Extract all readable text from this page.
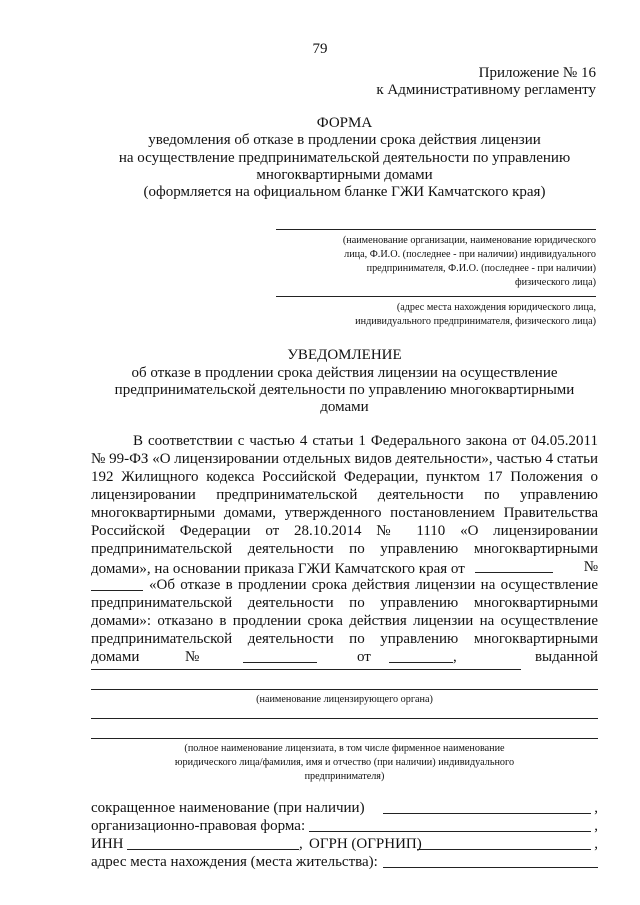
79
Приложение № 16
к Административному регламенту
ФОРМА
уведомления об отказе в продлении срока действия лицензии
на осуществление предпринимательской деятельности по управлению
многоквартирными домами
(оформляется на официальном бланке ГЖИ Камчатского края)
(наименование организации, наименование юридического
лица, Ф.И.О. (последнее - при наличии) индивидуального
предпринимателя, Ф.И.О. (последнее - при наличии)
физического лица)
(адрес места нахождения юридического лица,
индивидуального предпринимателя, физического лица)
УВЕДОМЛЕНИЕ
об отказе в продлении срока действия лицензии на осуществление
предпринимательской деятельности по управлению многоквартирными
домами
В соответствии с частью 4 статьи 1 Федерального закона от 04.05.2011
№ 99-ФЗ «О лицензировании отдельных видов деятельности», частью 4 статьи
192 Жилищного кодекса Российской Федерации, пунктом 17 Положения о
лицензировании предпринимательской деятельности по управлению
многоквартирными домами, утвержденного постановлением Правительства
Российской Федерации от 28.10.2014 № 1110 «О лицензировании
предпринимательской деятельности по управлению многоквартирными
домами», на основании приказа ГЖИ Камчатского края от	№
«Об отказе в продлении срока действия лицензии на осуществление
предпринимательской деятельности по управлению многоквартирными
домами»: отказано в продлении срока действия лицензии на осуществление
предпринимательской деятельности по управлению многоквартирными
домами	№	от	,	выданной
(наименование лицензирующего органа)
(полное наименование лицензиата, в том числе фирменное наименование
юридического лица/фамилия, имя и отчество (при наличии) индивидуального
предпринимателя)
сокращенное наименование (при наличии)	,
организационно-правовая форма:	,
ИНН	, ОГРН (ОГРНИП)	,
адрес места нахождения (места жительства):
